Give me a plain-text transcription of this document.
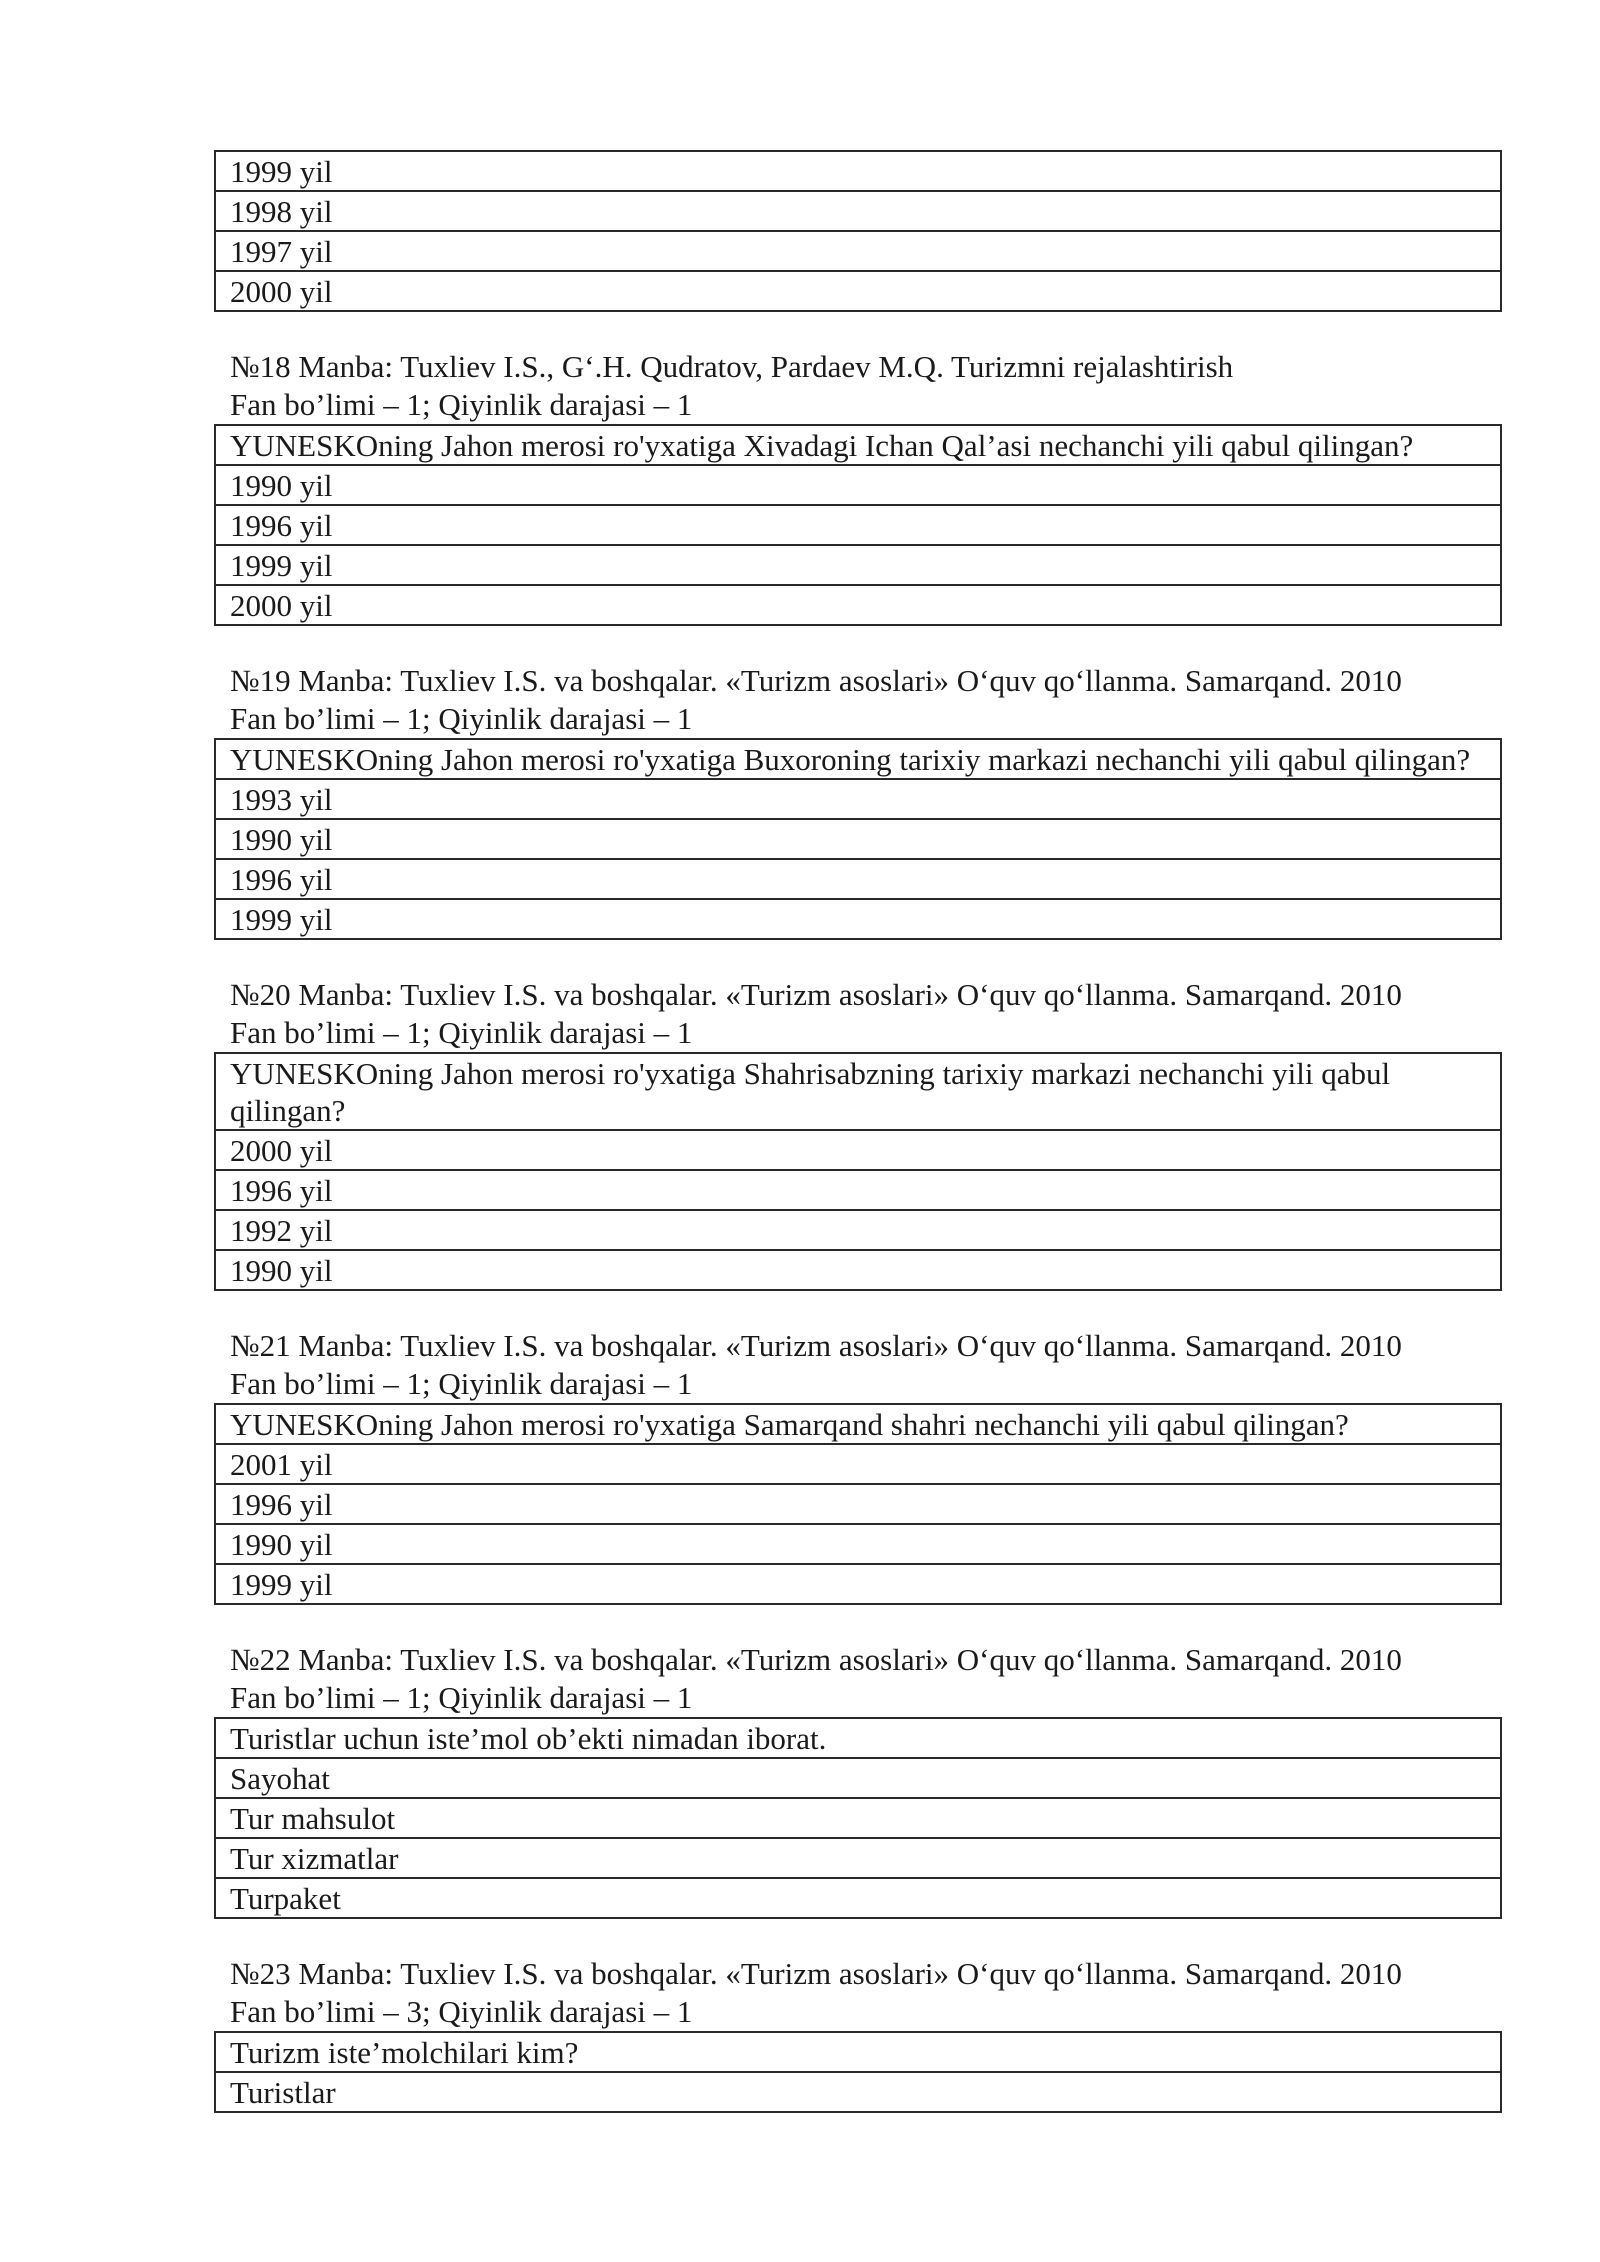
1999 yil
1998 yil
1997 yil
2000 yil

№18 Manba: Tuxliev I.S., G‘.H. Qudratov, Pardaev M.Q. Turizmni rejalashtirish

Fan bo’limi – 1; Qiyinlik darajasi – 1

YUNESKOning Jahon merosi ro'yxatiga Xivadagi Ichan Qal’asi nechanchi yili qabul qilingan?
1990 yil
1996 yil
1999 yil
2000 yil

№19 Manba: Tuxliev I.S. va boshqalar. «Turizm asoslari» O‘quv qo‘llanma. Samarqand. 2010

Fan bo’limi – 1; Qiyinlik darajasi – 1

YUNESKOning Jahon merosi ro'yxatiga Buxoroning tarixiy markazi nechanchi yili qabul qilingan?
1993 yil
1990 yil
1996 yil
1999 yil

№20 Manba: Tuxliev I.S. va boshqalar. «Turizm asoslari» O‘quv qo‘llanma. Samarqand. 2010

Fan bo’limi – 1; Qiyinlik darajasi – 1

YUNESKOning Jahon merosi ro'yxatiga Shahrisabzning tarixiy markazi nechanchi yili qabul qilingan?
2000 yil
1996 yil
1992 yil
1990 yil

№21 Manba: Tuxliev I.S. va boshqalar. «Turizm asoslari» O‘quv qo‘llanma. Samarqand. 2010

Fan bo’limi – 1; Qiyinlik darajasi – 1

YUNESKOning Jahon merosi ro'yxatiga Samarqand shahri nechanchi yili qabul qilingan?
2001 yil
1996 yil
1990 yil
1999 yil

№22 Manba: Tuxliev I.S. va boshqalar. «Turizm asoslari» O‘quv qo‘llanma. Samarqand. 2010

Fan bo’limi – 1; Qiyinlik darajasi – 1

Turistlar uchun iste’mol ob’ekti nimadan iborat.
Sayohat
Tur mahsulot
Tur xizmatlar
Turpaket

№23 Manba: Tuxliev I.S. va boshqalar. «Turizm asoslari» O‘quv qo‘llanma. Samarqand. 2010

Fan bo’limi – 3; Qiyinlik darajasi – 1

Turizm iste’molchilari kim?
Turistlar
